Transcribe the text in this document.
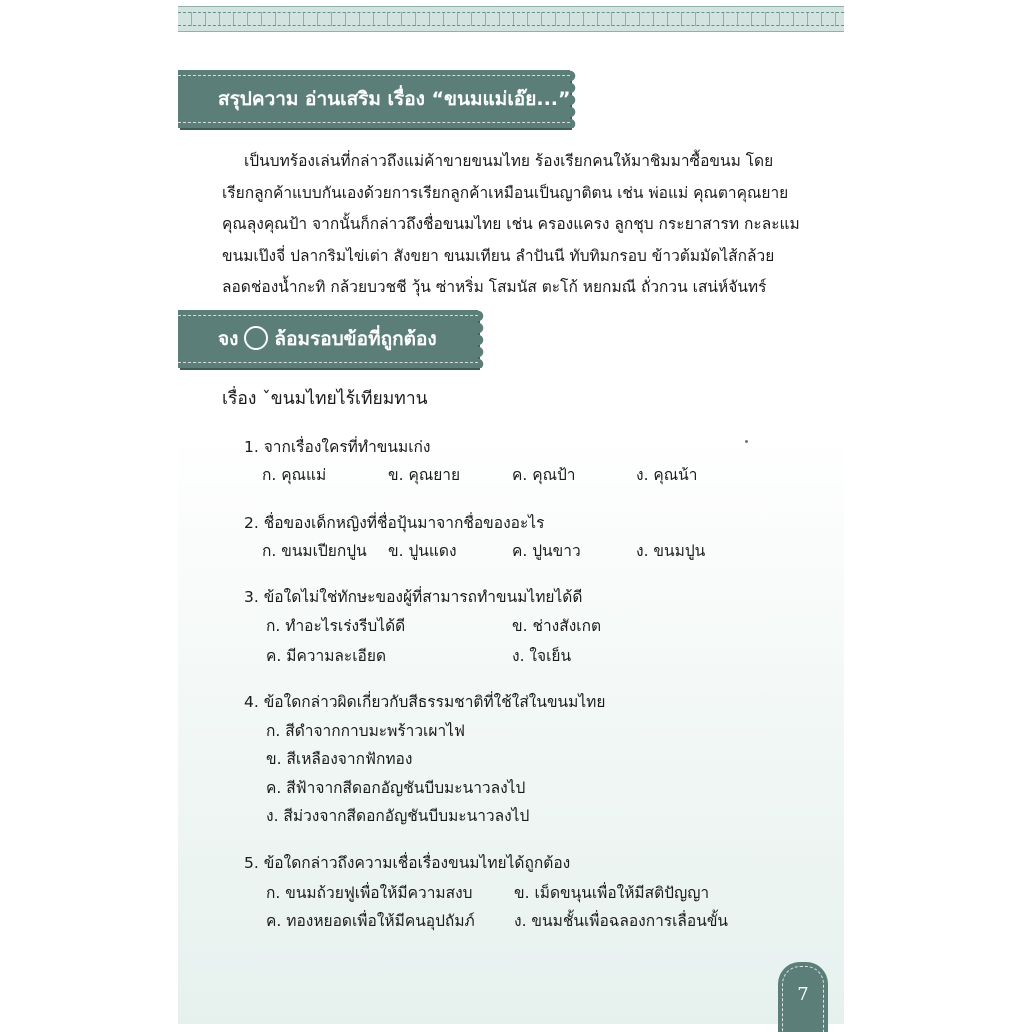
สรุปความ อ่านเสริม เรื่อง “ขนมแม่เอ๊ย...”

เป็นบทร้องเล่นที่กล่าวถึงแม่ค้าขายขนมไทย ร้องเรียกคนให้มาชิมมาซื้อขนม โดย

เรียกลูกค้าแบบกันเองด้วยการเรียกลูกค้าเหมือนเป็นญาติตน เช่น พ่อแม่ คุณตาคุณยาย

คุณลุงคุณป้า จากนั้นก็กล่าวถึงชื่อขนมไทย เช่น ครองแครง ลูกชุบ กระยาสารท กะละแม

ขนมเป๊งจี่ ปลากริมไข่เต่า สังขยา ขนมเทียน ลำปันนี ทับทิมกรอบ ข้าวต้มมัดไส้กล้วย

ลอดช่องน้ำกะทิ กล้วยบวชชี วุ้น ซ่าหริ่ม โสมนัส ตะโก้ หยกมณี ถั่วกวน เสน่ห์จันทร์

จง ล้อมรอบข้อที่ถูกต้อง
เรื่อง ˇขนมไทยไร้เทียมทาน
1. จากเรื่องใครที่ทำขนมเก่ง
ก. คุณแม่	ข. คุณยาย	ค. คุณป้า	ง. คุณน้า
2. ชื่อของเด็กหญิงที่ชื่อปุ้นมาจากชื่อของอะไร
ก. ขนมเปียกปูน ข. ปูนแดง	ค. ปูนขาว	ง. ขนมปูน
3. ข้อใดไม่ใช่ทักษะของผู้ที่สามารถทำขนมไทยได้ดี
ก. ทำอะไรเร่งรีบได้ดี	ข. ช่างสังเกต
ค. มีความละเอียด	ง. ใจเย็น
4. ข้อใดกล่าวผิดเกี่ยวกับสีธรรมชาติที่ใช้ใส่ในขนมไทย
ก. สีดำจากกาบมะพร้าวเผาไฟ
ข. สีเหลืองจากฟักทอง
ค. สีฟ้าจากสีดอกอัญชันบีบมะนาวลงไป
ง. สีม่วงจากสีดอกอัญชันบีบมะนาวลงไป
5. ข้อใดกล่าวถึงความเชื่อเรื่องขนมไทยได้ถูกต้อง
ก. ขนมถ้วยฟูเพื่อให้มีความสงบ	ข. เม็ดขนุนเพื่อให้มีสติปัญญา
ค. ทองหยอดเพื่อให้มีคนอุปถัมภ์	ง. ขนมชั้นเพื่อฉลองการเลื่อนขั้น
7
